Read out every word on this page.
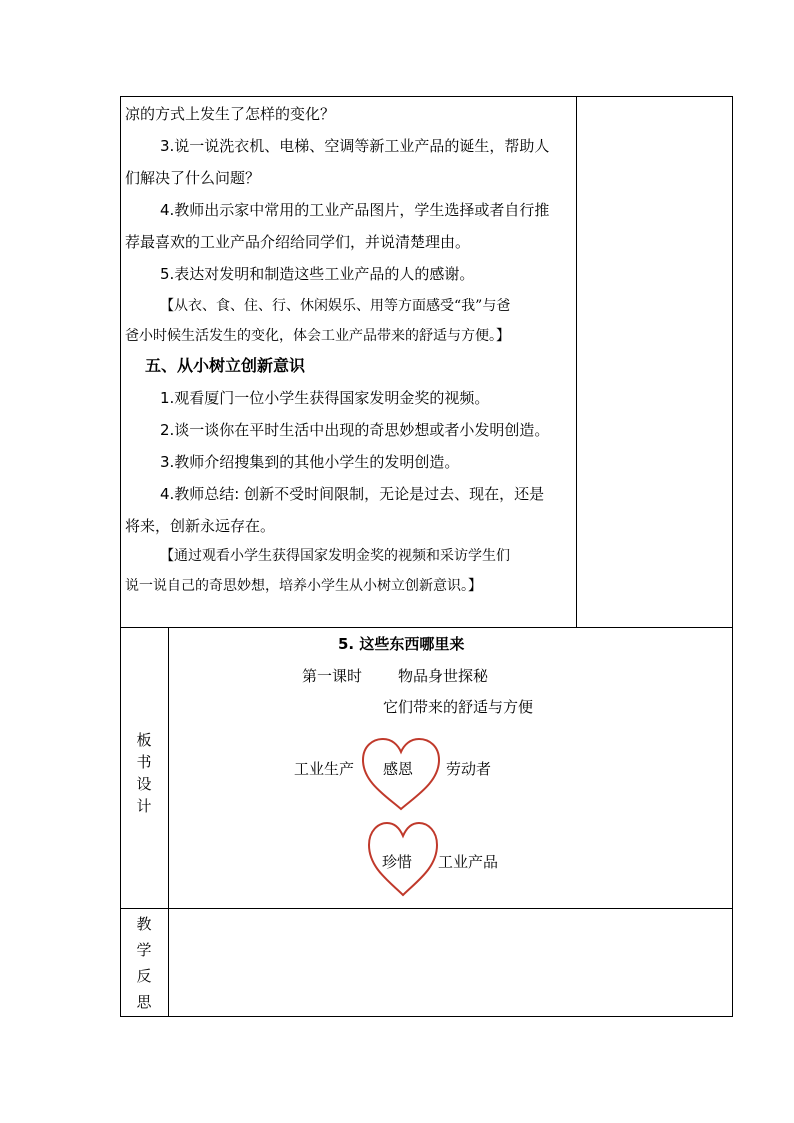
凉的方式上发生了怎样的变化？
3.说一说洗衣机、电梯、空调等新工业产品的诞生，帮助人
们解决了什么问题？
4.教师出示家中常用的工业产品图片，学生选择或者自行推
荐最喜欢的工业产品介绍给同学们，并说清楚理由。
5.表达对发明和制造这些工业产品的人的感谢。
【从衣、食、住、行、休闲娱乐、用等方面感受“我”与爸
爸小时候生活发生的变化，体会工业产品带来的舒适与方便。】
五、从小树立创新意识
1.观看厦门一位小学生获得国家发明金奖的视频。
2.谈一谈你在平时生活中出现的奇思妙想或者小发明创造。
3.教师介绍搜集到的其他小学生的发明创造。
4.教师总结: 创新不受时间限制，无论是过去、现在，还是
将来，创新永远存在。
【通过观看小学生获得国家发明金奖的视频和采访学生们
说一说自己的奇思妙想，培养小学生从小树立创新意识。】
板
书
设
计
5. 这些东西哪里来
第一课时 物品身世探秘
它们带来的舒适与方便
工业生产 感恩 劳动者
珍惜 工业产品
教
学
反
思
